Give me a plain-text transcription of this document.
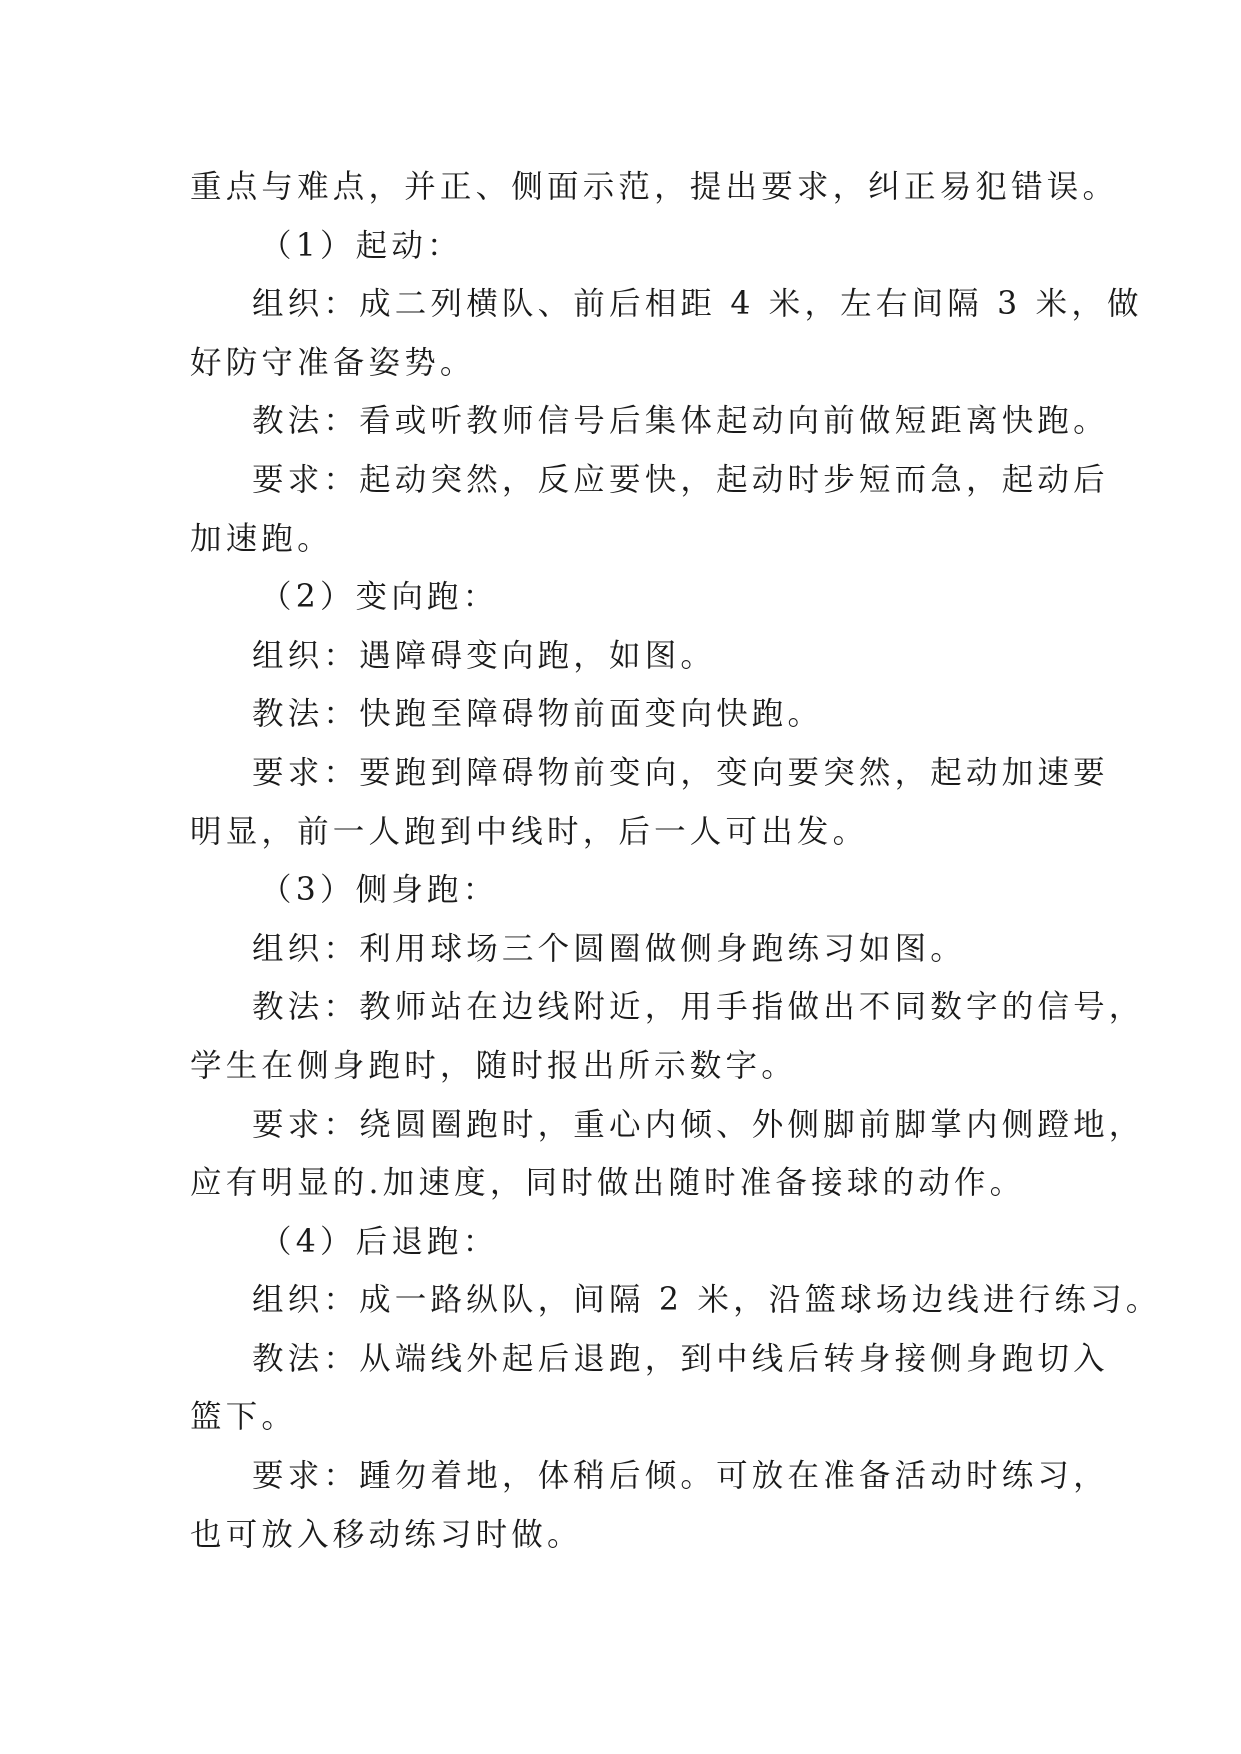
重点与难点，并正、侧面示范，提出要求，纠正易犯错误。
（1）起动：
组织：成二列横队、前后相距 4 米，左右间隔 3 米，做
好防守准备姿势。
教法：看或听教师信号后集体起动向前做短距离快跑。
要求：起动突然，反应要快，起动时步短而急，起动后
加速跑。
（2）变向跑：
组织：遇障碍变向跑，如图。
教法：快跑至障碍物前面变向快跑。
要求：要跑到障碍物前变向，变向要突然，起动加速要
明显，前一人跑到中线时，后一人可出发。
（3）侧身跑：
组织：利用球场三个圆圈做侧身跑练习如图。
教法：教师站在边线附近，用手指做出不同数字的信号，
学生在侧身跑时，随时报出所示数字。
要求：绕圆圈跑时，重心内倾、外侧脚前脚掌内侧蹬地，
应有明显的.加速度，同时做出随时准备接球的动作。
（4）后退跑：
组织：成一路纵队，间隔 2 米，沿篮球场边线进行练习。
教法：从端线外起后退跑，到中线后转身接侧身跑切入
篮下。
要求：踵勿着地，体稍后倾。可放在准备活动时练习，
也可放入移动练习时做。
